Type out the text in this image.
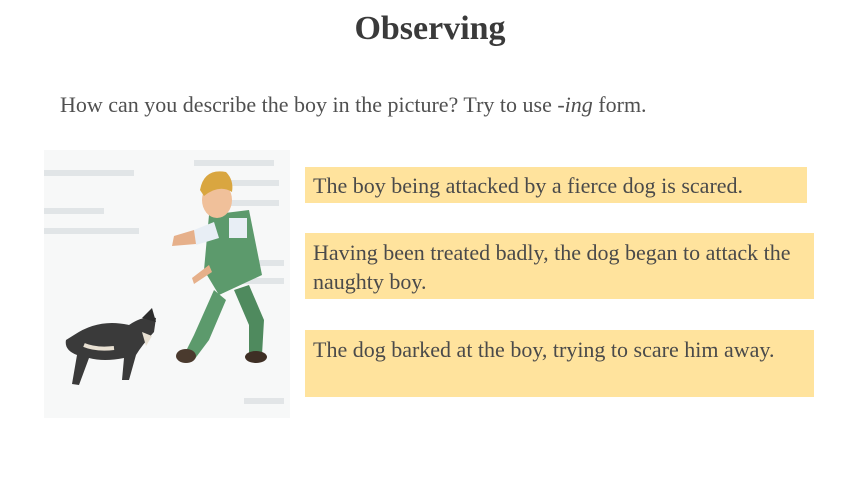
Observing
How can you describe the boy in the picture? Try to use -ing form.
The boy being attacked by a fierce dog is scared.
Having been treated badly, the dog began to attack the naughty boy.
The dog barked at the boy, trying to scare him away.
